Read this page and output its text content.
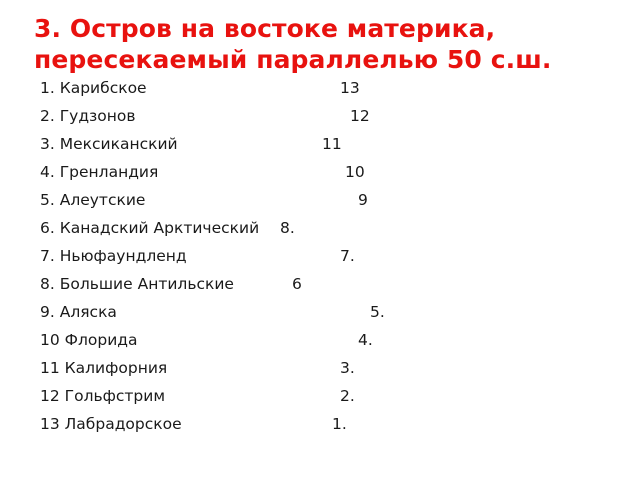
3. Остров на востоке материка, пересекаемый параллелью 50 с.ш.
1. Карибское	13
2. Гудзонов	12
3. Мексиканский	11
4. Гренландия	10
5. Алеутские	9
6. Канадский Арктический 8.
7. Ньюфаундленд	7.
8. Большие Антильские	6
9. Аляска	5.
10 Флорида	4.
11 Калифорния	3.
12 Гольфстрим	2.
13 Лабрадорское	1.
